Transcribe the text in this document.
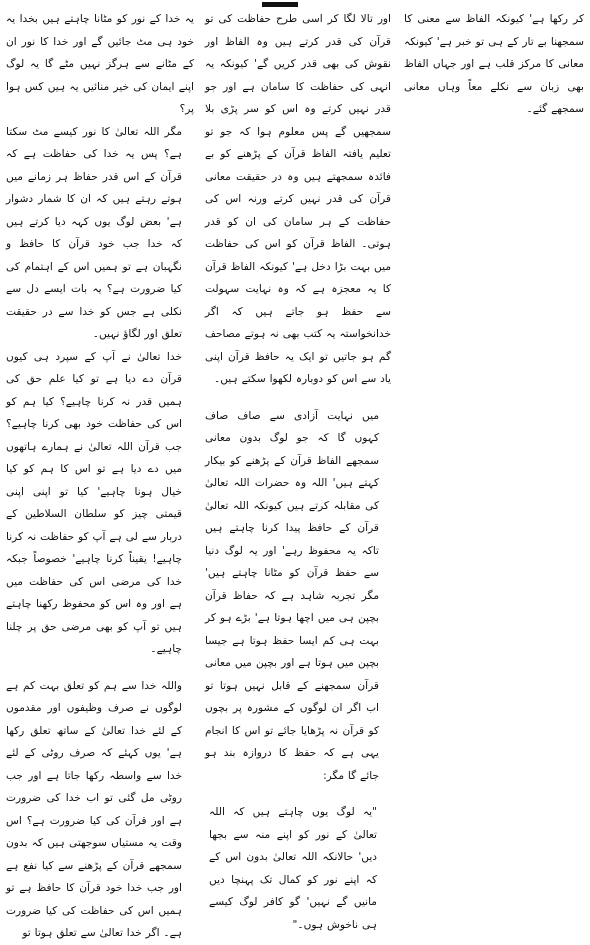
کر رکھا ہے' کیونکہ الفاظ سے معنی کا سمجھنا بے تار کے ہی تو خبر ہے' کیونکہ معانی کا مرکز قلب ہے اور جہاں الفاظ بھی زبان سے نکلے معاً وہاں معانی سمجھے گئے۔

اور تالا لگا کر اسی طرح حفاظت کی تو قرآن کی قدر کرتے ہیں وہ الفاظ اور نقوش کی بھی قدر کریں گے' کیونکہ یہ انہی کی حفاظت کا سامان ہے اور جو قدر نہیں کرتے وہ اس کو سر پڑی بلا سمجھیں گے پس معلوم ہوا کہ جو تو تعلیم یافتہ الفاظ قرآن کے پڑھنے کو بے فائدہ سمجھتے ہیں وہ در حقیقت معانی قرآن کی قدر نہیں کرتے ورنہ اس کی حفاظت کے ہر سامان کی ان کو قدر ہوتی۔ الفاظ قرآن کو اس کی حفاظت میں بہت بڑا دخل ہے' کیونکہ الفاظ قرآن کا یہ معجزہ ہے کہ وہ نہایت سہولت سے حفظ ہو جاتے ہیں کہ اگر خدانخواستہ یہ کتب بھی نہ ہوتے مصاحف گم ہو جاتیں تو ایک یہ حافظ قرآن اپنی یاد سے اس کو دوبارہ لکھوا سکتے ہیں۔

میں نہایت آزادی سے صاف صاف کہوں گا کہ جو لوگ بدون معانی سمجھے الفاظ قرآن کے پڑھنے کو بیکار کہتے ہیں' اللہ وہ حضرات اللہ تعالیٰ کی مقابلہ کرتے ہیں کیونکہ اللہ تعالیٰ قرآن کے حافظ پیدا کرنا چاہتے ہیں تاکہ یہ محفوظ رہے' اور یہ لوگ دنیا سے حفظ قرآن کو مٹانا چاہتے ہیں' مگر تجربہ شاہد ہے کہ حفاظ قرآن بچپن ہی میں اچھا ہوتا ہے' بڑے ہو کر بہت ہی کم ایسا حفظ ہوتا ہے جیسا بچپن میں ہوتا ہے اور بچپن میں معانی قرآن سمجھنے کے قابل نہیں ہوتا تو اب اگر ان لوگوں کے مشورہ پر بچوں کو قرآن نہ پڑھایا جائے تو اس کا انجام یہی ہے کہ حفظ کا دروازہ بند ہو جائے گا مگر:

"یہ لوگ یوں چاہتے ہیں کہ اللہ تعالیٰ کے نور کو اپنے منہ سے بجھا دیں' حالانکہ اللہ تعالیٰ بدون اس کے کہ اپنے نور کو کمال تک پہنچا دیں مانیں گے نہیں' گو کافر لوگ کیسے ہی ناخوش ہوں۔"

یہ خدا کے نور کو مٹانا چاہتے ہیں بخدا یہ خود ہی مٹ جائیں گے اور خدا کا نور ان کے مٹانے سے ہرگز نہیں مٹے گا یہ لوگ اپنے ایمان کی خیر منائیں یہ ہیں کس ہوا پر؟

مگر اللہ تعالیٰ کا نور کیسے مٹ سکتا ہے؟ پس یہ خدا کی حفاظت ہے کہ قرآن کے اس قدر حفاظ ہر زمانے میں ہوتے رہتے ہیں کہ ان کا شمار دشوار ہے' بعض لوگ یوں کہہ دیا کرتے ہیں کہ خدا جب خود قرآن کا حافظ و نگہبان ہے تو ہمیں اس کے اہتمام کی کیا ضرورت ہے؟ یہ بات ایسے دل سے نکلی ہے جس کو خدا سے در حقیقت تعلق اور لگاؤ نہیں۔

خدا تعالیٰ نے آپ کے سپرد ہی کیوں قرآن دے دیا ہے تو کیا علم حق کی ہمیں قدر نہ کرنا چاہیے؟ کیا ہم کو اس کی حفاظت خود بھی کرنا چاہیے؟ جب قرآن اللہ تعالیٰ نے ہمارے ہاتھوں میں دے دیا ہے تو اس کا ہم کو کیا خیال ہونا چاہیے' کیا تو اپنی اپنی قیمتی چیز کو سلطان السلاطین کے دربار سے لی ہے آپ کو حفاظت نہ کرنا چاہیے! یقیناً کرنا چاہیے' خصوصاً جبکہ خدا کی مرضی اس کی حفاظت میں ہے اور وہ اس کو محفوظ رکھنا چاہتے ہیں تو آپ کو بھی مرضی حق پر چلنا چاہیے۔

واللہ خدا سے ہم کو تعلق بہت کم ہے لوگوں نے صرف وظیفوں اور مقدموں کے لئے خدا تعالیٰ کے ساتھ تعلق رکھا ہے' یوں کہئے کہ صرف روٹی کے لئے خدا سے واسطہ رکھا جاتا ہے اور جب روٹی مل گئی تو اب خدا کی ضرورت ہے اور قرآن کی کیا ضرورت ہے؟ اس وقت یہ مستیاں سوجھتی ہیں کہ بدون سمجھے قرآن کے پڑھنے سے کیا نفع ہے اور جب خدا خود قرآن کا حافظ ہے تو ہمیں اس کی حفاظت کی کیا ضرورت ہے۔ اگر خدا تعالیٰ سے تعلق ہوتا تو
